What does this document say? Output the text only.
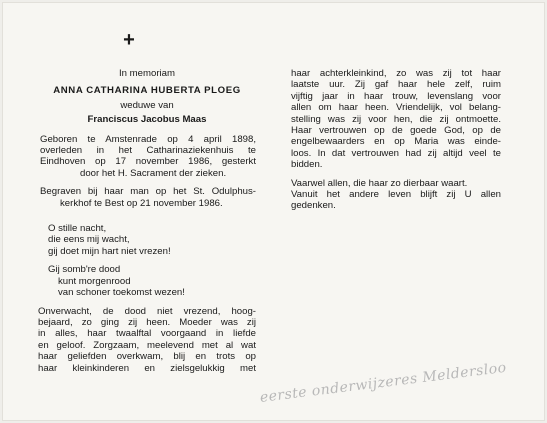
+
In memoriam
ANNA CATHARINA HUBERTA PLOEG
weduwe van
Franciscus Jacobus Maas
Geboren te Amstenrade op 4 april 1898,
overleden in het Catharinaziekenhuis te
Eindhoven op 17 november 1986, gesterkt
door het H. Sacrament der zieken.
Begraven bij haar man op het St. Odulphus-
kerkhof te Best op 21 november 1986.
O stille nacht,
die eens mij wacht,
gij doet mijn hart niet vrezen!
Gij somb're dood
kunt morgenrood
van schoner toekomst wezen!
Onverwacht, de dood niet vrezend, hoog-
bejaard, zo ging zij heen. Moeder was zij
in alles, haar twaalftal voorgaand in liefde
en geloof. Zorgzaam, meelevend met al wat
haar geliefden overkwam, blij en trots op
haar kleinkinderen en zielsgelukkig met
haar achterkleinkind, zo was zij tot haar
laatste uur. Zij gaf haar hele zelf, ruim
vijftig jaar in haar trouw, levenslang voor
allen om haar heen. Vriendelijk, vol belang-
stelling was zij voor hen, die zij ontmoette.
Haar vertrouwen op de goede God, op de
engelbewaarders en op Maria was einde-
loos. In dat vertrouwen had zij altijd veel te
bidden.
Vaarwel allen, die haar zo dierbaar waart.
Vanuit het andere leven blijft zij U allen
gedenken.
eerste onderwijzeres Meldersloo
